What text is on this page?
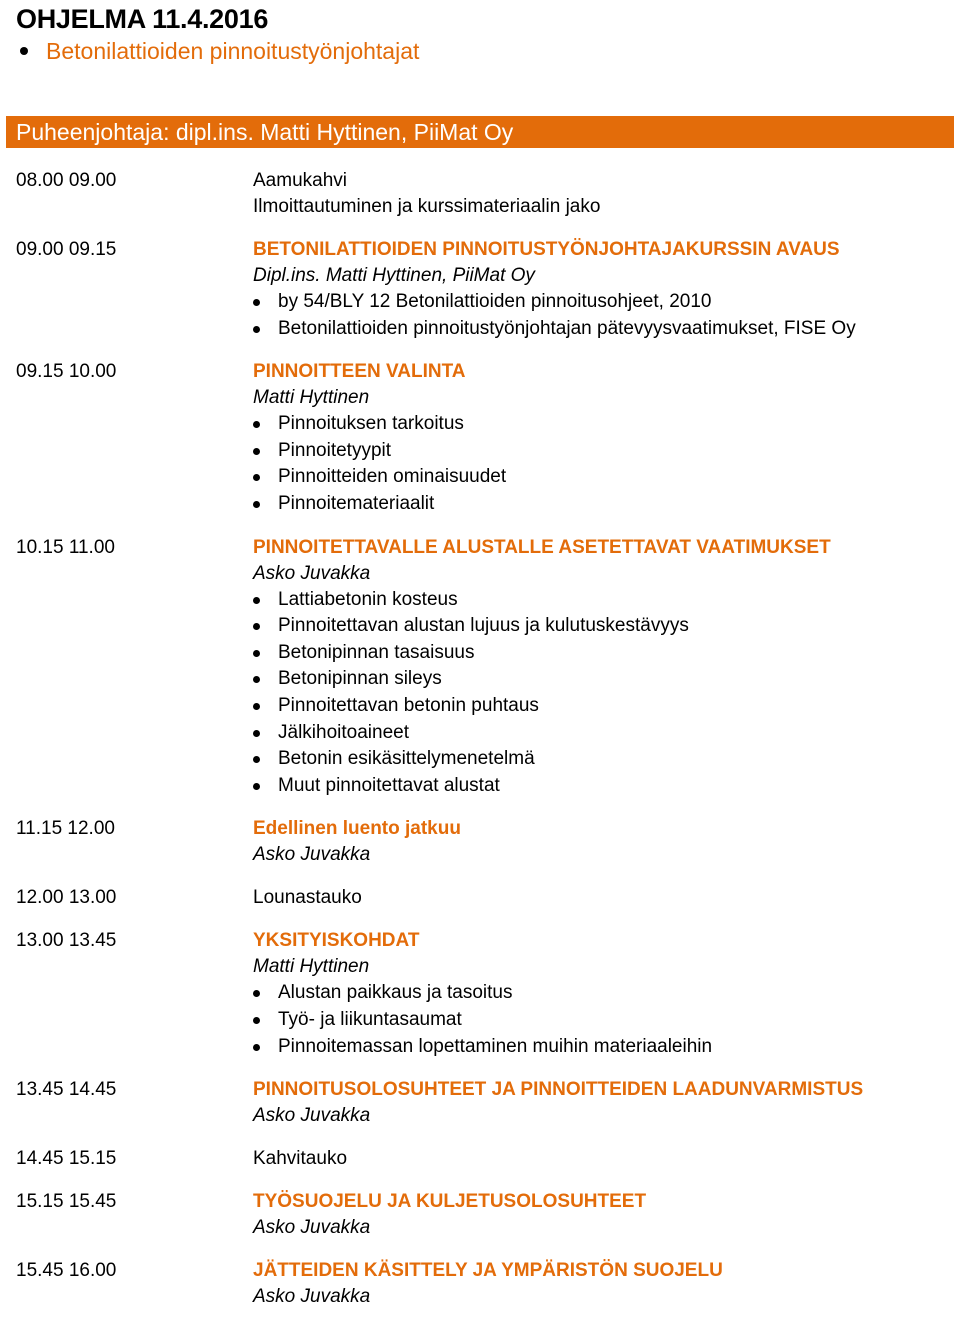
OHJELMA 11.4.2016
Betonilattioiden pinnoitustyönjohtajat
Puheenjohtaja: dipl.ins. Matti Hyttinen, PiiMat Oy
08.00 09.00	Aamukahvi
Ilmoittautuminen ja kurssimateriaalin jako
09.00 09.15	BETONILATTIOIDEN PINNOITUSTYÖNJOHTAJAKURSSIN AVAUS
Dipl.ins. Matti Hyttinen, PiiMat Oy
by 54/BLY 12 Betonilattioiden pinnoitusohjeet, 2010
Betonilattioiden pinnoitustyönjohtajan pätevyysvaatimukset, FISE Oy
09.15 10.00	PINNOITTEEN VALINTA
Matti Hyttinen
Pinnoituksen tarkoitus
Pinnoitetyypit
Pinnoitteiden ominaisuudet
Pinnoitemateriaalit
10.15 11.00	PINNOITETTAVALLE ALUSTALLE ASETETTAVAT VAATIMUKSET
Asko Juvakka
Lattiabetonin kosteus
Pinnoitettavan alustan lujuus ja kulutuskestävyys
Betonipinnan tasaisuus
Betonipinnan sileys
Pinnoitettavan betonin puhtaus
Jälkihoitoaineet
Betonin esikäsittelymenetelmä
Muut pinnoitettavat alustat
11.15 12.00	Edellinen luento jatkuu
Asko Juvakka
12.00 13.00	Lounastauko
13.00 13.45	YKSITYISKOHDAT
Matti Hyttinen
Alustan paikkaus ja tasoitus
Työ- ja liikuntasaumat
Pinnoitemassan lopettaminen muihin materiaaleihin
13.45 14.45	PINNOITUSOLOSUHTEET JA PINNOITTEIDEN LAADUNVARMISTUS
Asko Juvakka
14.45 15.15	Kahvitauko
15.15 15.45	TYÖSUOJELU JA KULJETUSOLOSUHTEET
Asko Juvakka
15.45 16.00	JÄTTEIDEN KÄSITTELY JA YMPÄRISTÖN SUOJELU
Asko Juvakka
